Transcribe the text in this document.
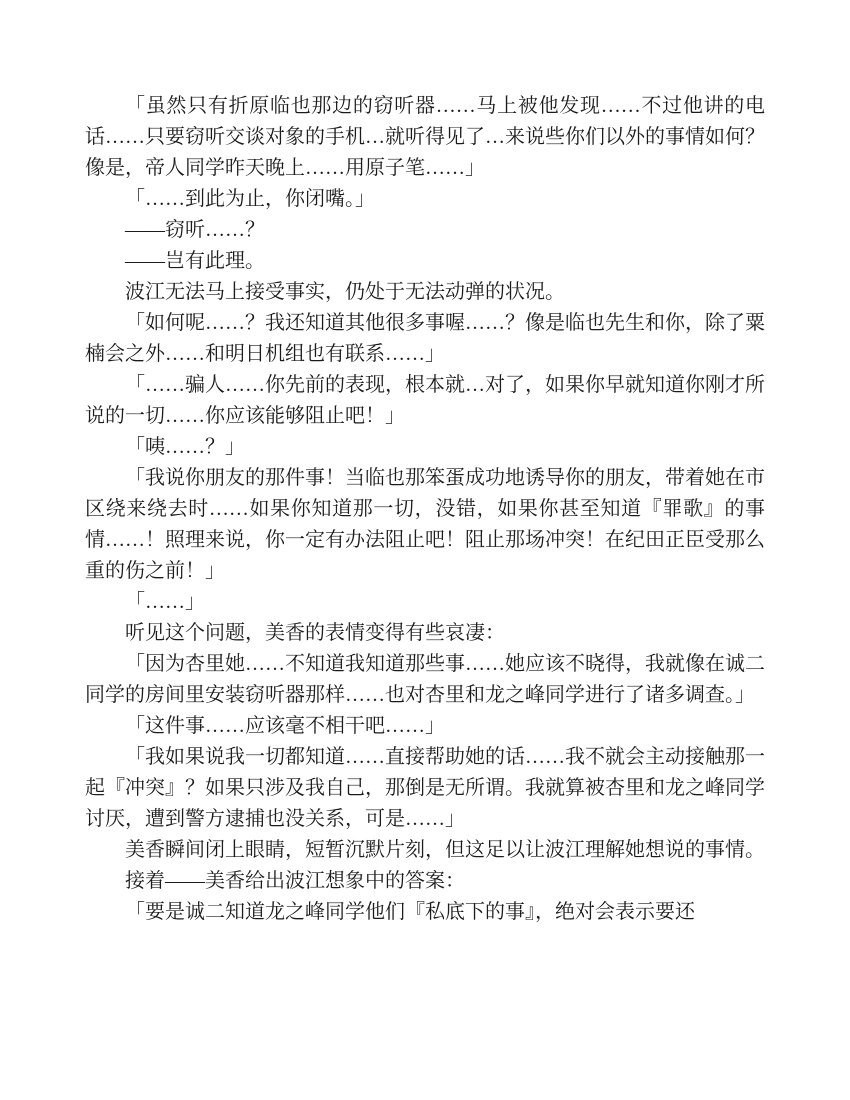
「虽然只有折原临也那边的窃听器……马上被他发现……不过他讲的电话……只要窃听交谈对象的手机…就听得见了…来说些你们以外的事情如何？像是，帝人同学昨天晚上……用原子笔……」

「……到此为止，你闭嘴。」

——窃听……？

——岂有此理。

波江无法马上接受事实，仍处于无法动弹的状况。

「如何呢……？我还知道其他很多事喔……？像是临也先生和你，除了粟楠会之外……和明日机组也有联系……」

「……骗人……你先前的表现，根本就…对了，如果你早就知道你刚才所说的一切……你应该能够阻止吧！」

「咦……？」

「我说你朋友的那件事！当临也那笨蛋成功地诱导你的朋友，带着她在市区绕来绕去时……如果你知道那一切，没错，如果你甚至知道『罪歌』的事情……！照理来说，你一定有办法阻止吧！阻止那场冲突！在纪田正臣受那么重的伤之前！」

「……」

听见这个问题，美香的表情变得有些哀凄：

「因为杏里她……不知道我知道那些事……她应该不晓得，我就像在诚二同学的房间里安装窃听器那样……也对杏里和龙之峰同学进行了诸多调查。」

「这件事……应该毫不相干吧……」

「我如果说我一切都知道……直接帮助她的话……我不就会主动接触那一起『冲突』？如果只涉及我自己，那倒是无所谓。我就算被杏里和龙之峰同学讨厌，遭到警方逮捕也没关系，可是……」

美香瞬间闭上眼睛，短暂沉默片刻，但这足以让波江理解她想说的事情。

接着——美香给出波江想象中的答案：

「要是诚二知道龙之峰同学他们『私底下的事』，绝对会表示要还
